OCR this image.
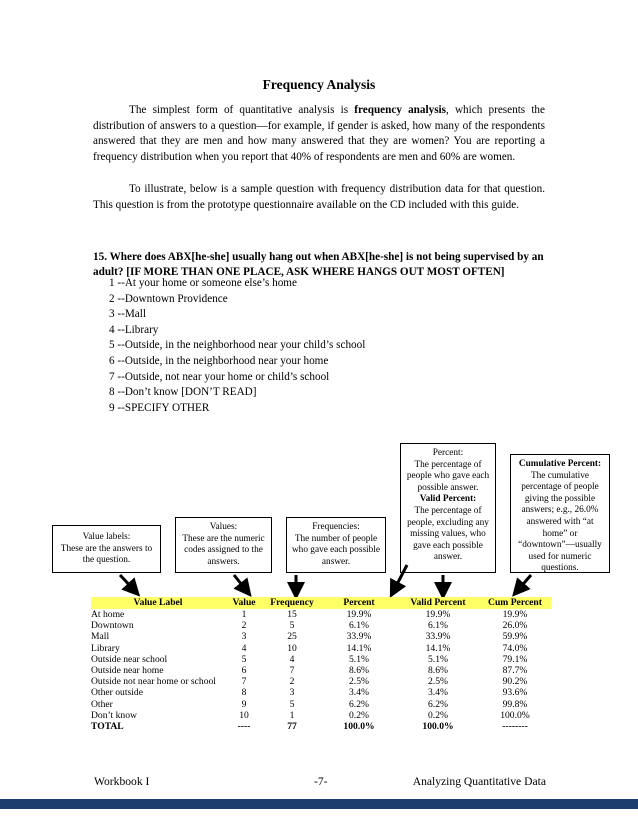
Frequency Analysis

The simplest form of quantitative analysis is frequency analysis, which presents the distribution of answers to a question—for example, if gender is asked, how many of the respondents answered that they are men and how many answered that they are women? You are reporting a frequency distribution when you report that 40% of respondents are men and 60% are women.

To illustrate, below is a sample question with frequency distribution data for that question. This question is from the prototype questionnaire available on the CD included with this guide.

15. Where does ABX[he-she] usually hang out when ABX[he-she] is not being supervised by an adult? [IF MORE THAN ONE PLACE, ASK WHERE HANGS OUT MOST OFTEN]

1 --At your home or someone else’s home
2 --Downtown Providence
3 --Mall
4 --Library
5 --Outside, in the neighborhood near your child’s school
6 --Outside, in the neighborhood near your home
7 --Outside, not near your home or child’s school
8 --Don’t know [DON’T READ]
9 --SPECIFY OTHER
Value labels:
These are the answers to the question.
Values:
These are the numeric codes assigned to the answers.
Frequencies:
The number of people who gave each possible answer.
Percent:
The percentage of people who gave each possible answer.
Valid Percent:
The percentage of people, excluding any missing values, who gave each possible answer.
Cumulative Percent:
The cumulative percentage of people giving the possible answers; e.g., 26.0% answered with “at home” or “downtown”—usually used for numeric questions.
Value Label	Value	Frequency	Percent	Valid Percent	Cum Percent
At home	1	15	19.9%	19.9%	19.9%
Downtown	2	5	6.1%	6.1%	26.0%
Mall	3	25	33.9%	33.9%	59.9%
Library	4	10	14.1%	14.1%	74.0%
Outside near school	5	4	5.1%	5.1%	79.1%
Outside near home	6	7	8.6%	8.6%	87.7%
Outside not near home or school	7	2	2.5%	2.5%	90.2%
Other outside	8	3	3.4%	3.4%	93.6%
Other	9	5	6.2%	6.2%	99.8%
Don’t know	10	1	0.2%	0.2%	100.0%
TOTAL	----	77	100.0%	100.0%	--------
Workbook I	-7-	Analyzing Quantitative Data
